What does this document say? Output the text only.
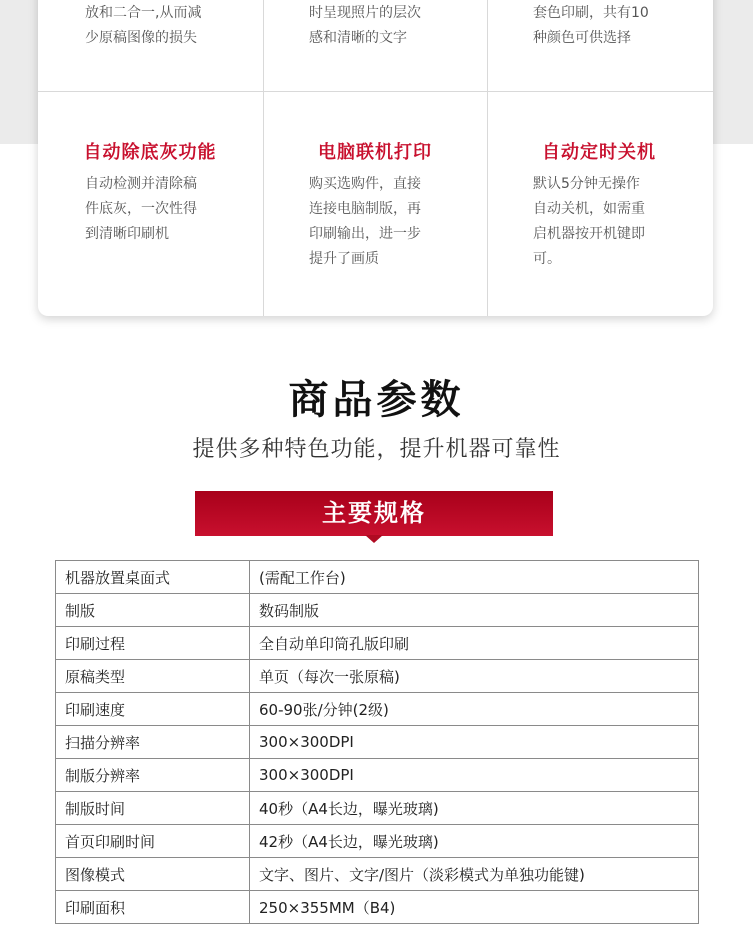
放和二合一,从而减
少原稿图像的损失
时呈现照片的层次
感和清晰的文字
套色印刷，共有10
种颜色可供选择
自动除底灰功能
自动检测并清除稿
件底灰，一次性得
到清晰印刷机
电脑联机打印
购买选购件，直接
连接电脑制版，再
印刷输出，进一步
提升了画质
自动定时关机
默认5分钟无操作
自动关机，如需重
启机器按开机键即
可。
商品参数
提供多种特色功能，提升机器可靠性
主要规格
机器放置桌面式	(需配工作台)
制版	数码制版
印刷过程	全自动单印筒孔版印刷
原稿类型	单页（每次一张原稿)
印刷速度	60-90张/分钟(2级)
扫描分辨率	300×300DPI
制版分辨率	300×300DPI
制版时间	40秒（A4长边，曝光玻璃)
首页印刷时间	42秒（A4长边，曝光玻璃)
图像模式	文字、图片、文字/图片（淡彩模式为单独功能键)
印刷面积	250×355MM（B4)
